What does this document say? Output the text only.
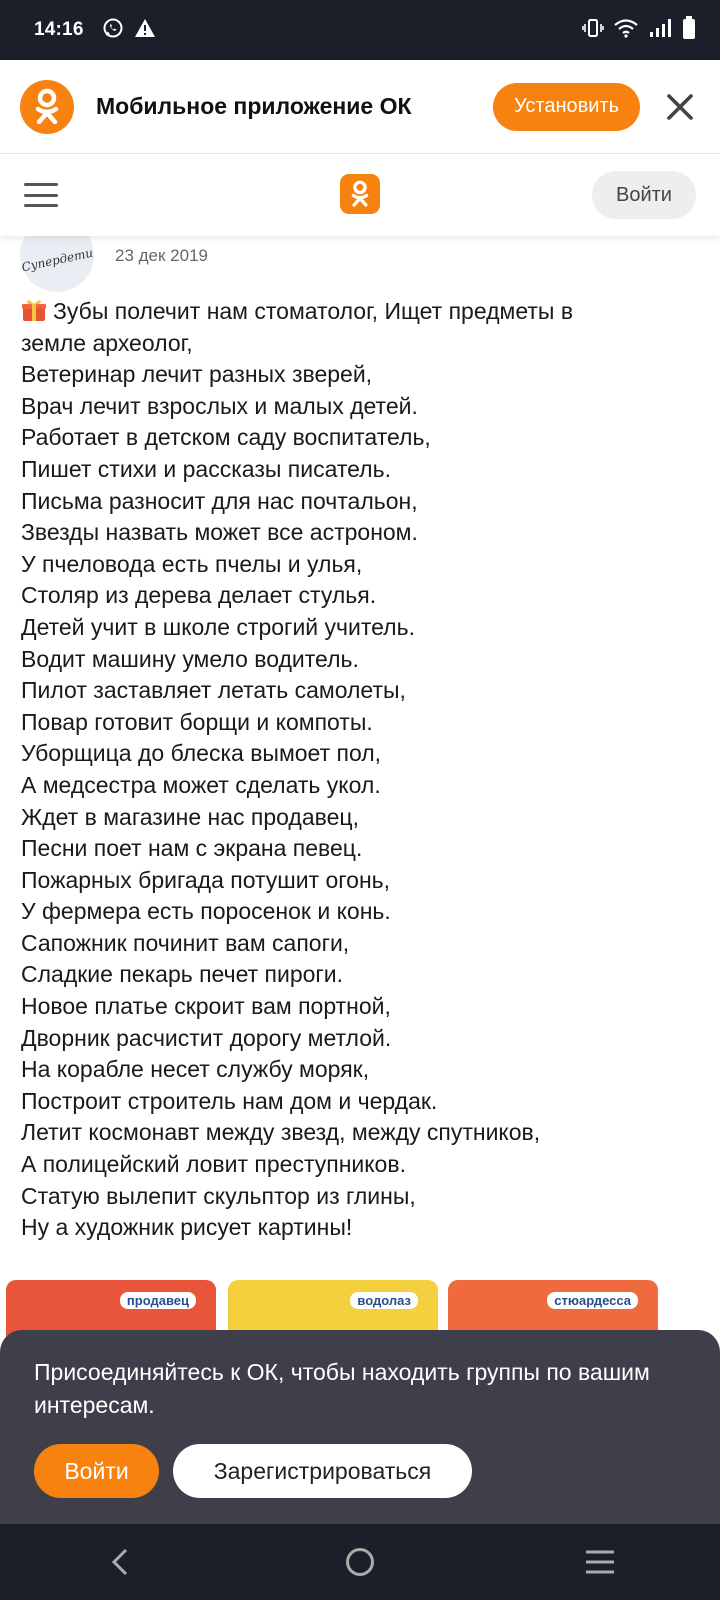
14:16
Мобильное приложение ОК	Установить
Войти
Супердети 23 дек 2019
Зубы полечит нам стоматолог, Ищет предметы в
земле археолог,
Ветеринар лечит разных зверей,
Врач лечит взрослых и малых детей.
Работает в детском саду воспитатель,
Пишет стихи и рассказы писатель.
Письма разносит для нас почтальон,
Звезды назвать может все астроном.
У пчеловода есть пчелы и улья,
Столяр из дерева делает стулья.
Детей учит в школе строгий учитель.
Водит машину умело водитель.
Пилот заставляет летать самолеты,
Повар готовит борщи и компоты.
Уборщица до блеска вымоет пол,
А медсестра может сделать укол.
Ждет в магазине нас продавец,
Песни поет нам с экрана певец.
Пожарных бригада потушит огонь,
У фермера есть поросенок и конь.
Сапожник починит вам сапоги,
Сладкие пекарь печет пироги.
Новое платье скроит вам портной,
Дворник расчистит дорогу метлой.
На корабле несет службу моряк,
Построит строитель нам дом и чердак.
Летит космонавт между звезд, между спутников,
А полицейский ловит преступников.
Статую вылепит скульптор из глины,
Ну а художник рисует картины!
продавец	водолаз	стюардесса

Присоединяйтесь к ОК, чтобы находить группы по вашим интересам.

Войти	Зарегистрироваться
